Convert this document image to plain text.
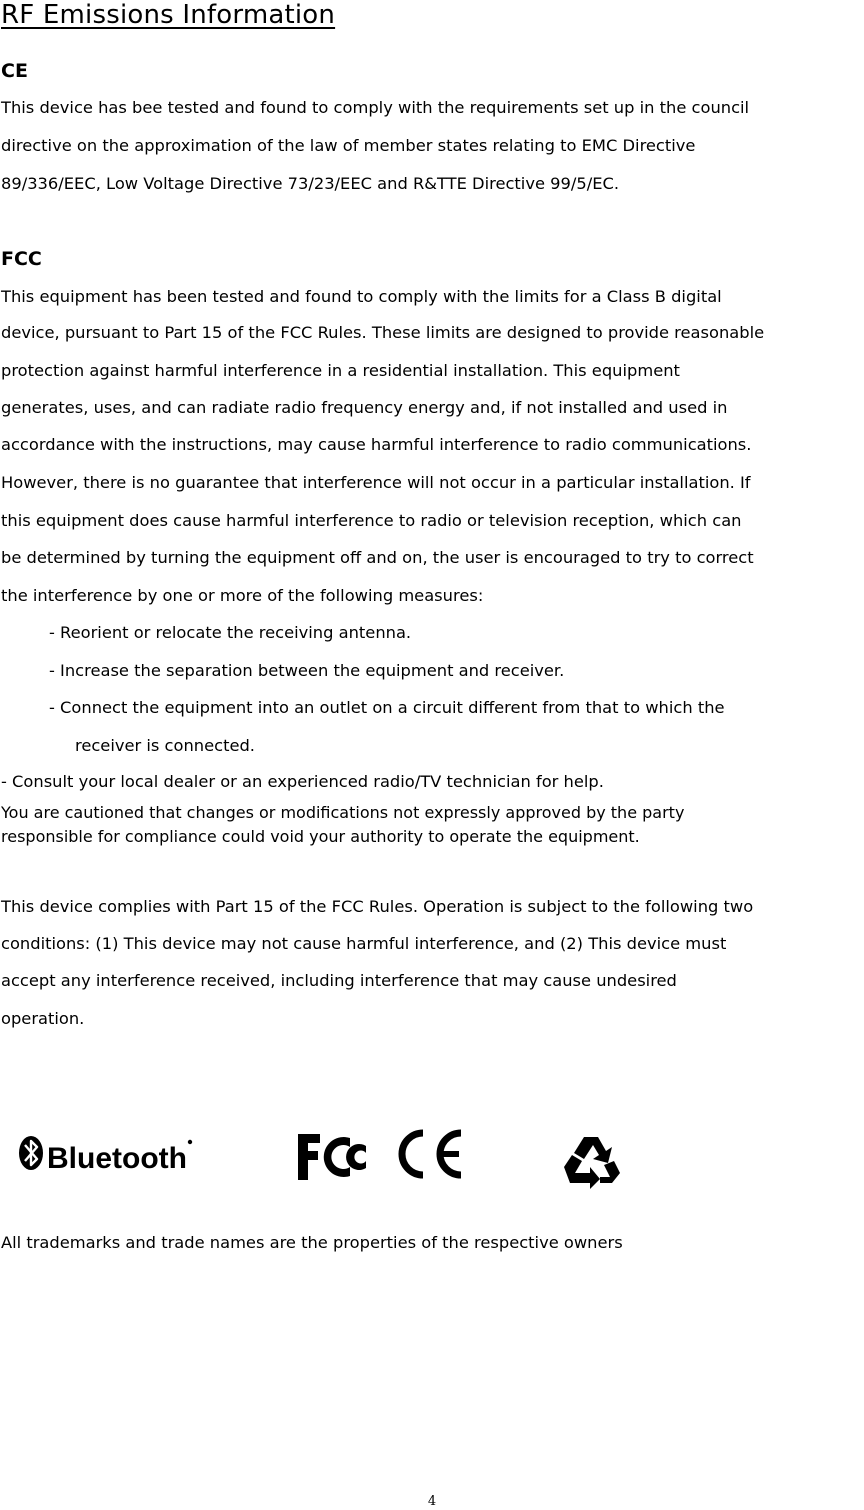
RF Emissions Information
CE
This device has bee tested and found to comply with the requirements set up in the council
directive on the approximation of the law of member states relating to EMC Directive
89/336/EEC, Low Voltage Directive 73/23/EEC and R&TTE Directive 99/5/EC.
FCC
This equipment has been tested and found to comply with the limits for a Class B digital
device, pursuant to Part 15 of the FCC Rules. These limits are designed to provide reasonable
protection against harmful interference in a residential installation. This equipment
generates, uses, and can radiate radio frequency energy and, if not installed and used in
accordance with the instructions, may cause harmful interference to radio communications.
However, there is no guarantee that interference will not occur in a particular installation. If
this equipment does cause harmful interference to radio or television reception, which can
be determined by turning the equipment off and on, the user is encouraged to try to correct
the interference by one or more of the following measures:
- Reorient or relocate the receiving antenna.
- Increase the separation between the equipment and receiver.
- Connect the equipment into an outlet on a circuit different from that to which the
receiver is connected.
- Consult your local dealer or an experienced radio/TV technician for help.
You are cautioned that changes or modifications not expressly approved by the party
responsible for compliance could void your authority to operate the equipment.
This device complies with Part 15 of the FCC Rules. Operation is subject to the following two
conditions: (1) This device may not cause harmful interference, and (2) This device must
accept any interference received, including interference that may cause undesired
operation.
Bluetooth
FC
CE
All trademarks and trade names are the properties of the respective owners
4
